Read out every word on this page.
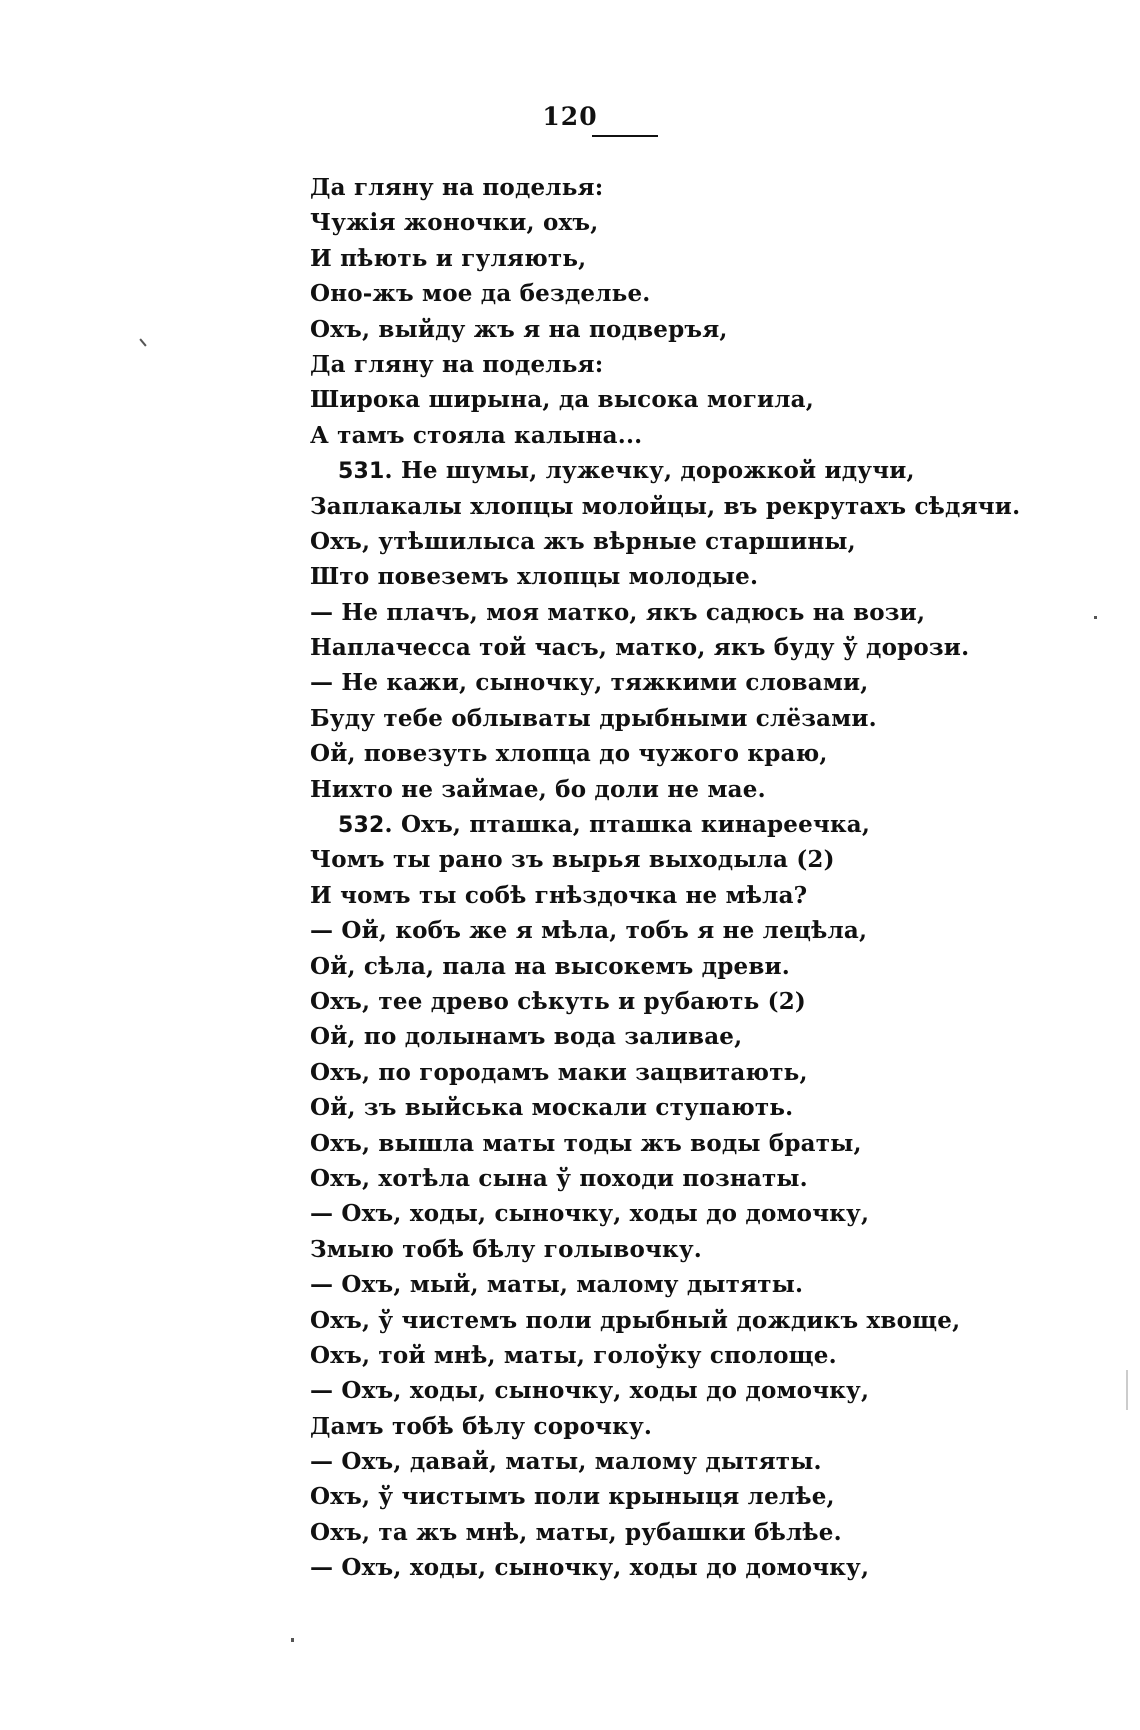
120
Да гляну на поделья:
Чужія жоночки, охъ,
И пѣють и гуляють,
Оно-жъ мое да безделье.
Охъ, выйду жъ я на подверъя,
Да гляну на поделья:
Широка ширына, да высока могила,
А тамъ стояла калына...
531. Не шумы, лужечку, дорожкой идучи,
Заплакалы хлопцы молойцы, въ рекрутахъ сѣдячи.
Охъ, утѣшилыса жъ вѣрные старшины,
Што повеземъ хлопцы молодые.
— Не плачъ, моя матко, якъ садюсь на вози,
Наплачесса той часъ, матко, якъ буду ў дорози.
— Не кажи, сыночку, тяжкими словами,
Буду тебе облываты дрыбными слёзами.
Ой, повезуть хлопца до чужого краю,
Нихто не займае, бо доли не мае.
532. Охъ, пташка, пташка кинареечка,
Чомъ ты рано зъ вырья выходыла (2)
И чомъ ты собѣ гнѣздочка не мѣла?
— Ой, кобъ же я мѣла, тобъ я не лецѣла,
Ой, сѣла, пала на высокемъ древи.
Охъ, тее древо сѣкуть и рубають (2)
Ой, по долынамъ вода заливае,
Охъ, по городамъ маки зацвитають,
Ой, зъ выйська москали ступають.
Охъ, вышла маты тоды жъ воды браты,
Охъ, хотѣла сына ў походи познаты.
— Охъ, ходы, сыночку, ходы до домочку,
Змыю тобѣ бѣлу голывочку.
— Охъ, мый, маты, малому дытяты.
Охъ, ў чистемъ поли дрыбный дождикъ хвоще,
Охъ, той мнѣ, маты, голоўку сполоще.
— Охъ, ходы, сыночку, ходы до домочку,
Дамъ тобѣ бѣлу сорочку.
— Охъ, давай, маты, малому дытяты.
Охъ, ў чистымъ поли крыныця лелѣе,
Охъ, та жъ мнѣ, маты, рубашки бѣлѣе.
— Охъ, ходы, сыночку, ходы до домочку,
